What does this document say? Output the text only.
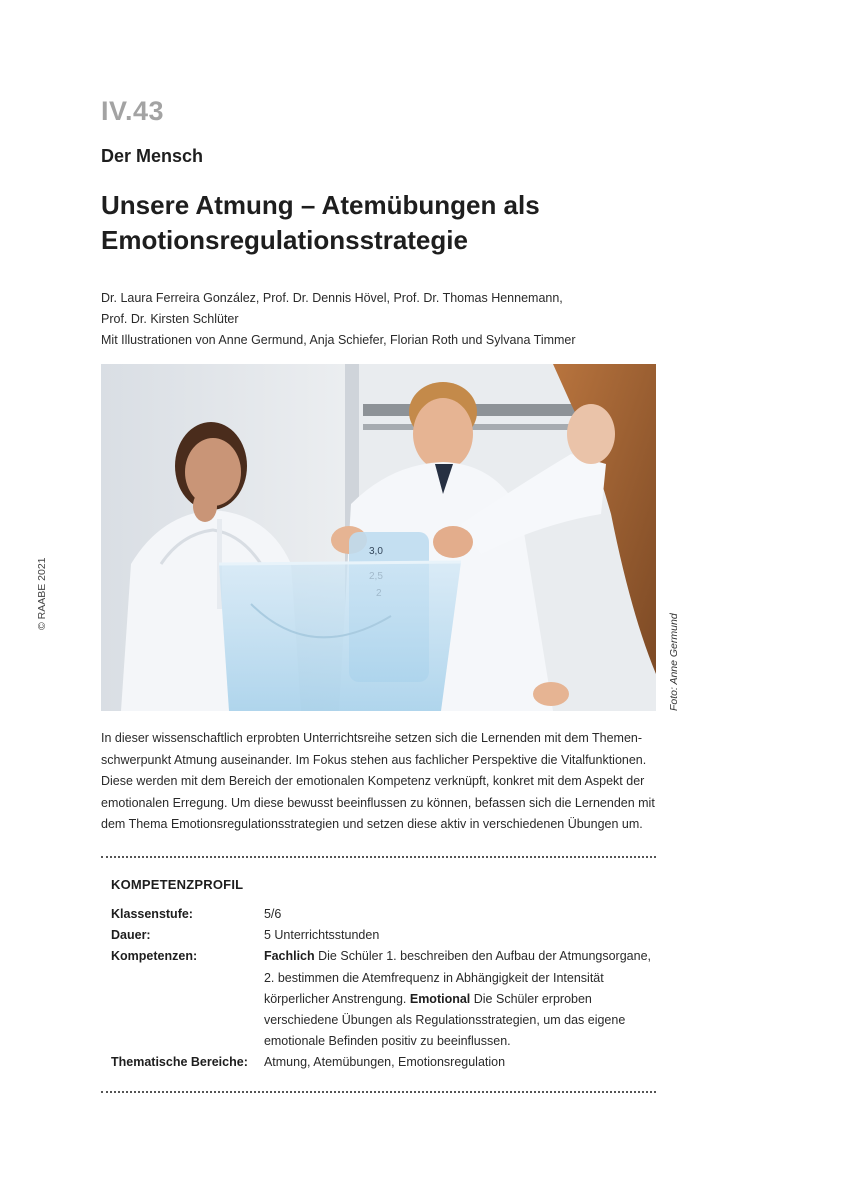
IV.43
Der Mensch
Unsere Atmung – Atemübungen als
Emotionsregulationsstrategie
Dr. Laura Ferreira González, Prof. Dr. Dennis Hövel, Prof. Dr. Thomas Hennemann,
Prof. Dr. Kirsten Schlüter
Mit Illustrationen von Anne Germund, Anja Schiefer, Florian Roth und Sylvana Timmer
3,0
Foto: Anne Germund
© RAABE 2021
In dieser wissenschaftlich erprobten Unterrichtsreihe setzen sich die Lernenden mit dem Themen-
schwerpunkt Atmung auseinander. Im Fokus stehen aus fachlicher Perspektive die Vitalfunktionen.
Diese werden mit dem Bereich der emotionalen Kompetenz verknüpft, konkret mit dem Aspekt der
emotionalen Erregung. Um diese bewusst beeinflussen zu können, befassen sich die Lernenden mit
dem Thema Emotionsregulationsstrategien und setzen diese aktiv in verschiedenen Übungen um.
KOMPETENZPROFIL
Klassenstufe:	5/6
Dauer:	5 Unterrichtsstunden
Kompetenzen:	Fachlich Die Schüler 1. beschreiben den Aufbau der Atmungsorgane,
2. bestimmen die Atemfrequenz in Abhängigkeit der Intensität
körperlicher Anstrengung. Emotional Die Schüler erproben
verschiedene Übungen als Regulationsstrategien, um das eigene
emotionale Befinden positiv zu beeinflussen.

Thematische Bereiche:	Atmung, Atemübungen, Emotionsregulation
